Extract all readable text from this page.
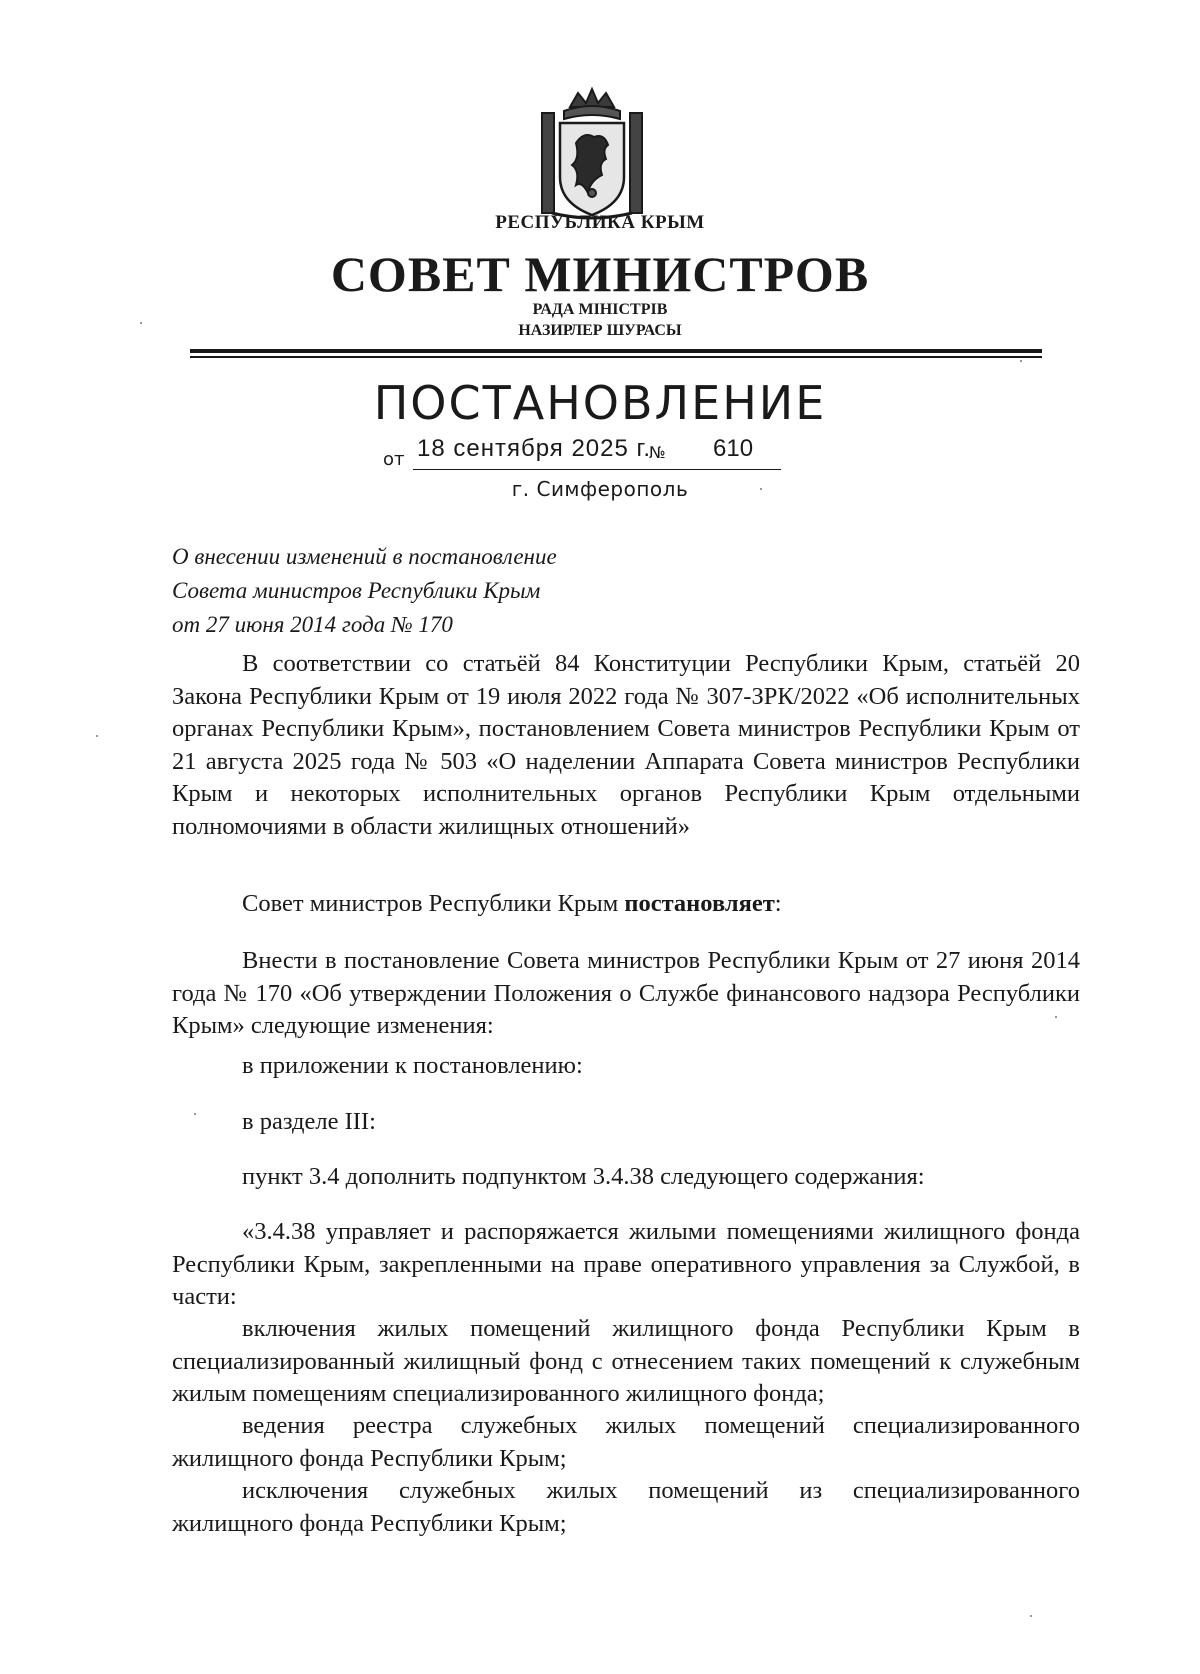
РЕСПУБЛИКА КРЫМ
СОВЕТ МИНИСТРОВ
РАДА МІНІСТРІВ
НАЗИРЛЕР ШУРАСЫ
ПОСТАНОВЛЕНИЕ
от 18 сентября 2025 г.
№ 610
г. Симферополь
О внесении изменений в постановление
Совета министров Республики Крым
от 27 июня 2014 года № 170
В соответствии со статьёй 84 Конституции Республики Крым, статьёй 20 Закона Республики Крым от 19 июля 2022 года № 307-ЗРК/2022 «Об исполнительных органах Республики Крым», постановлением Совета министров Республики Крым от 21 августа 2025 года № 503 «О наделении Аппарата Совета министров Республики Крым и некоторых исполнительных органов Республики Крым отдельными полномочиями в области жилищных отношений»
Совет министров Республики Крым постановляет:
Внести в постановление Совета министров Республики Крым от 27 июня 2014 года № 170 «Об утверждении Положения о Службе финансового надзора Республики Крым» следующие изменения:
в приложении к постановлению:
в разделе III:
пункт 3.4 дополнить подпунктом 3.4.38 следующего содержания:
«3.4.38 управляет и распоряжается жилыми помещениями жилищного фонда Республики Крым, закрепленными на праве оперативного управления за Службой, в части:
включения жилых помещений жилищного фонда Республики Крым в специализированный жилищный фонд с отнесением таких помещений к служебным жилым помещениям специализированного жилищного фонда;
ведения реестра служебных жилых помещений специализированного жилищного фонда Республики Крым;
исключения служебных жилых помещений из специализированного жилищного фонда Республики Крым;
